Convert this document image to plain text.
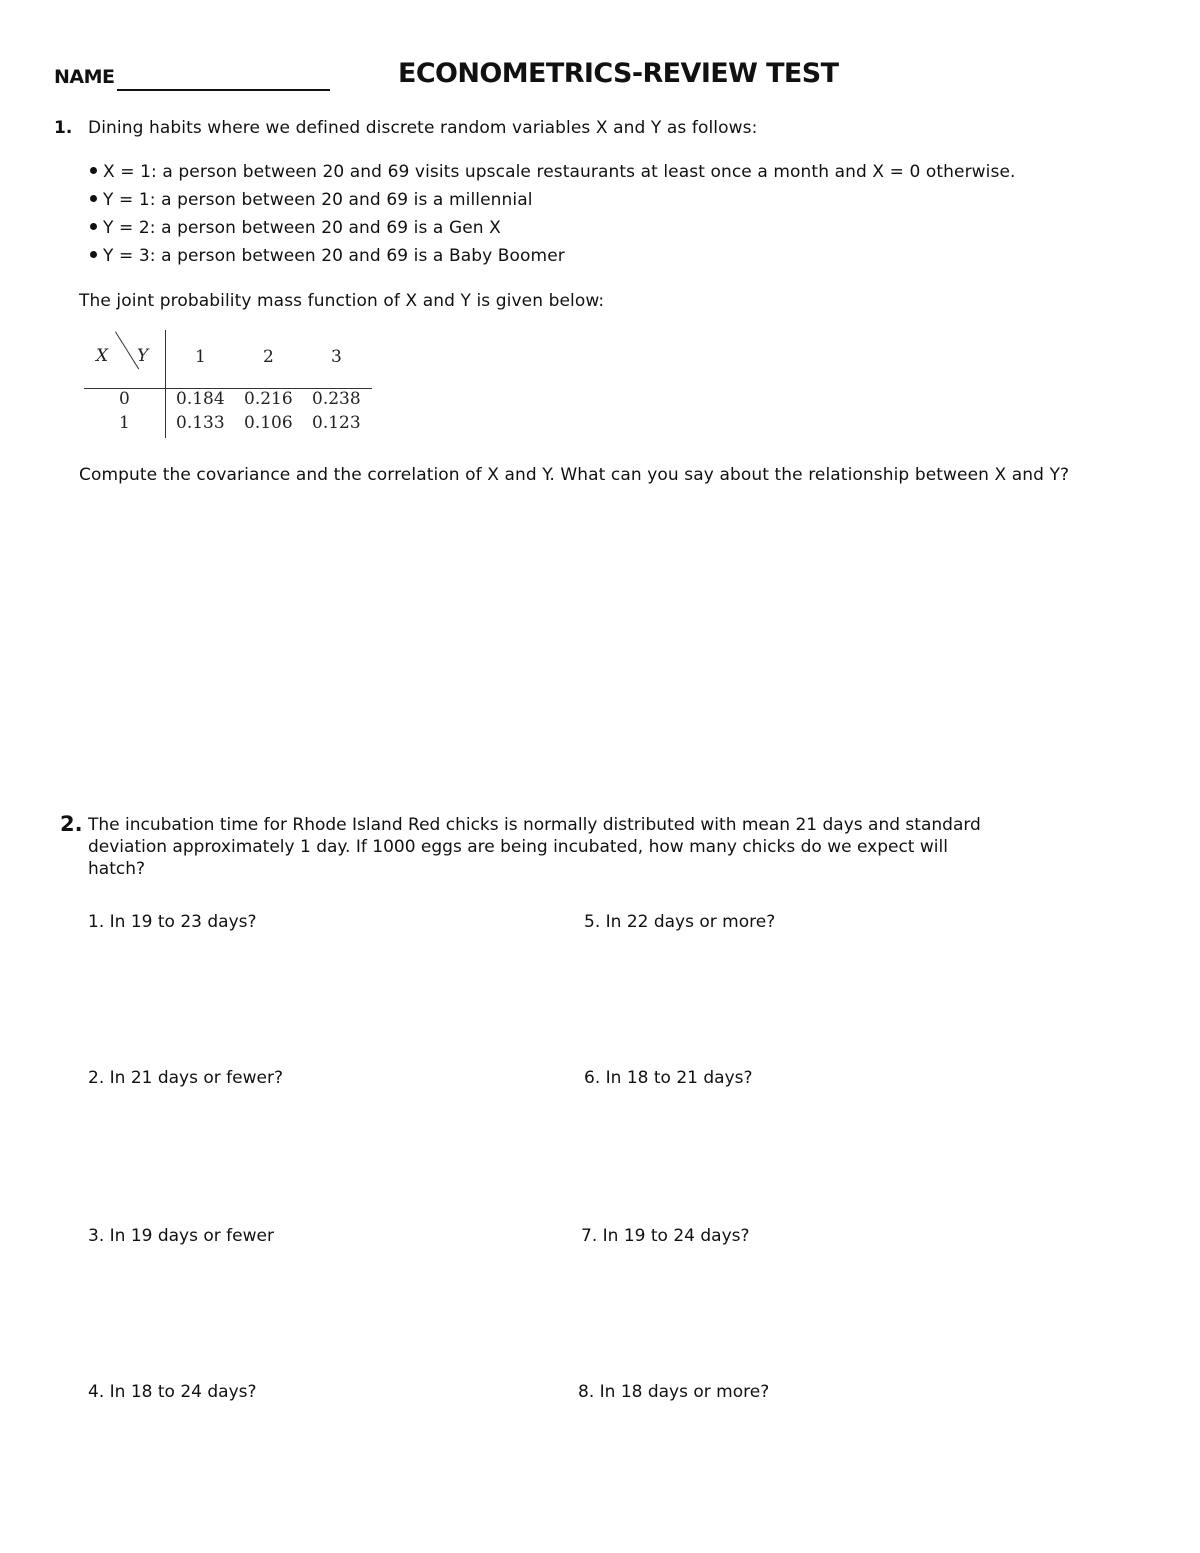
NAME	ECONOMETRICS-REVIEW TEST
1. Dining habits where we defined discrete random variables X and Y as follows:
X = 1: a person between 20 and 69 visits upscale restaurants at least once a month and X = 0 otherwise.
Y = 1: a person between 20 and 69 is a millennial
Y = 2: a person between 20 and 69 is a Gen X
Y = 3: a person between 20 and 69 is a Baby Boomer
The joint probability mass function of X and Y is given below:
X Y	1	2	3
0	0.184 0.216 0.238
1	0.133 0.106 0.123
Compute the covariance and the correlation of X and Y. What can you say about the relationship between X and Y?
2. The incubation time for Rhode Island Red chicks is normally distributed with mean 21 days and standard deviation approximately 1 day. If 1000 eggs are being incubated, how many chicks do we expect will hatch?
1. In 19 to 23 days?
2. In 21 days or fewer?
3. In 19 days or fewer
4. In 18 to 24 days?
5. In 22 days or more?
6. In 18 to 21 days?
7. In 19 to 24 days?
8. In 18 days or more?
